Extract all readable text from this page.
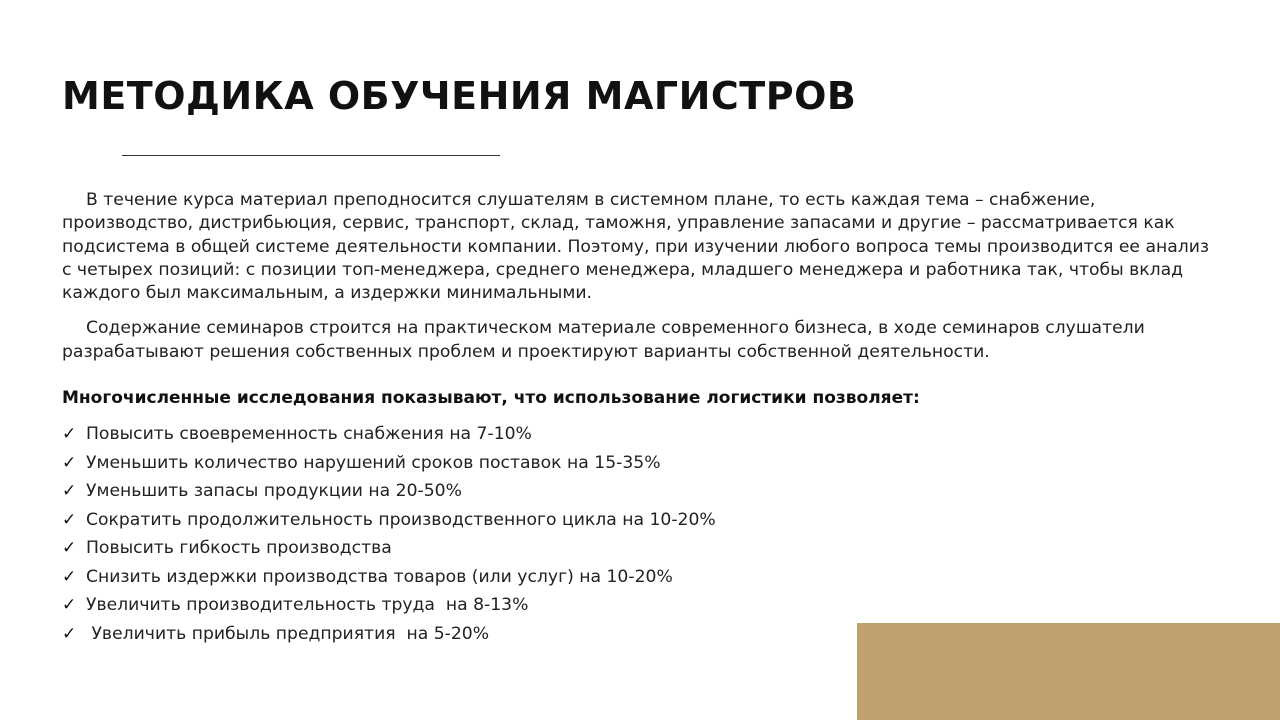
МЕТОДИКА ОБУЧЕНИЯ МАГИСТРОВ

В течение курса материал преподносится слушателям в системном плане, то есть каждая тема – снабжение, производство, дистрибьюция, сервис, транспорт, склад, таможня, управление запасами и другие – рассматривается как подсистема в общей системе деятельности компании. Поэтому, при изучении любого вопроса темы производится ее анализ с четырех позиций: с позиции топ-менеджера, среднего менеджера, младшего менеджера и работника так, чтобы вклад каждого был максимальным, а издержки минимальными.

Содержание семинаров строится на практическом материале современного бизнеса, в ходе семинаров слушатели разрабатывают решения собственных проблем и проектируют варианты собственной деятельности.

Многочисленные исследования показывают, что использование логистики позволяет:
✓ Повысить своевременность снабжения на 7-10%
✓ Уменьшить количество нарушений сроков поставок на 15-35%
✓ Уменьшить запасы продукции на 20-50%
✓ Сократить продолжительность производственного цикла на 10-20%
✓ Повысить гибкость производства
✓ Снизить издержки производства товаров (или услуг) на 10-20%
✓ Увеличить производительность труда  на 8-13%
✓ Увеличить прибыль предприятия  на 5-20%
